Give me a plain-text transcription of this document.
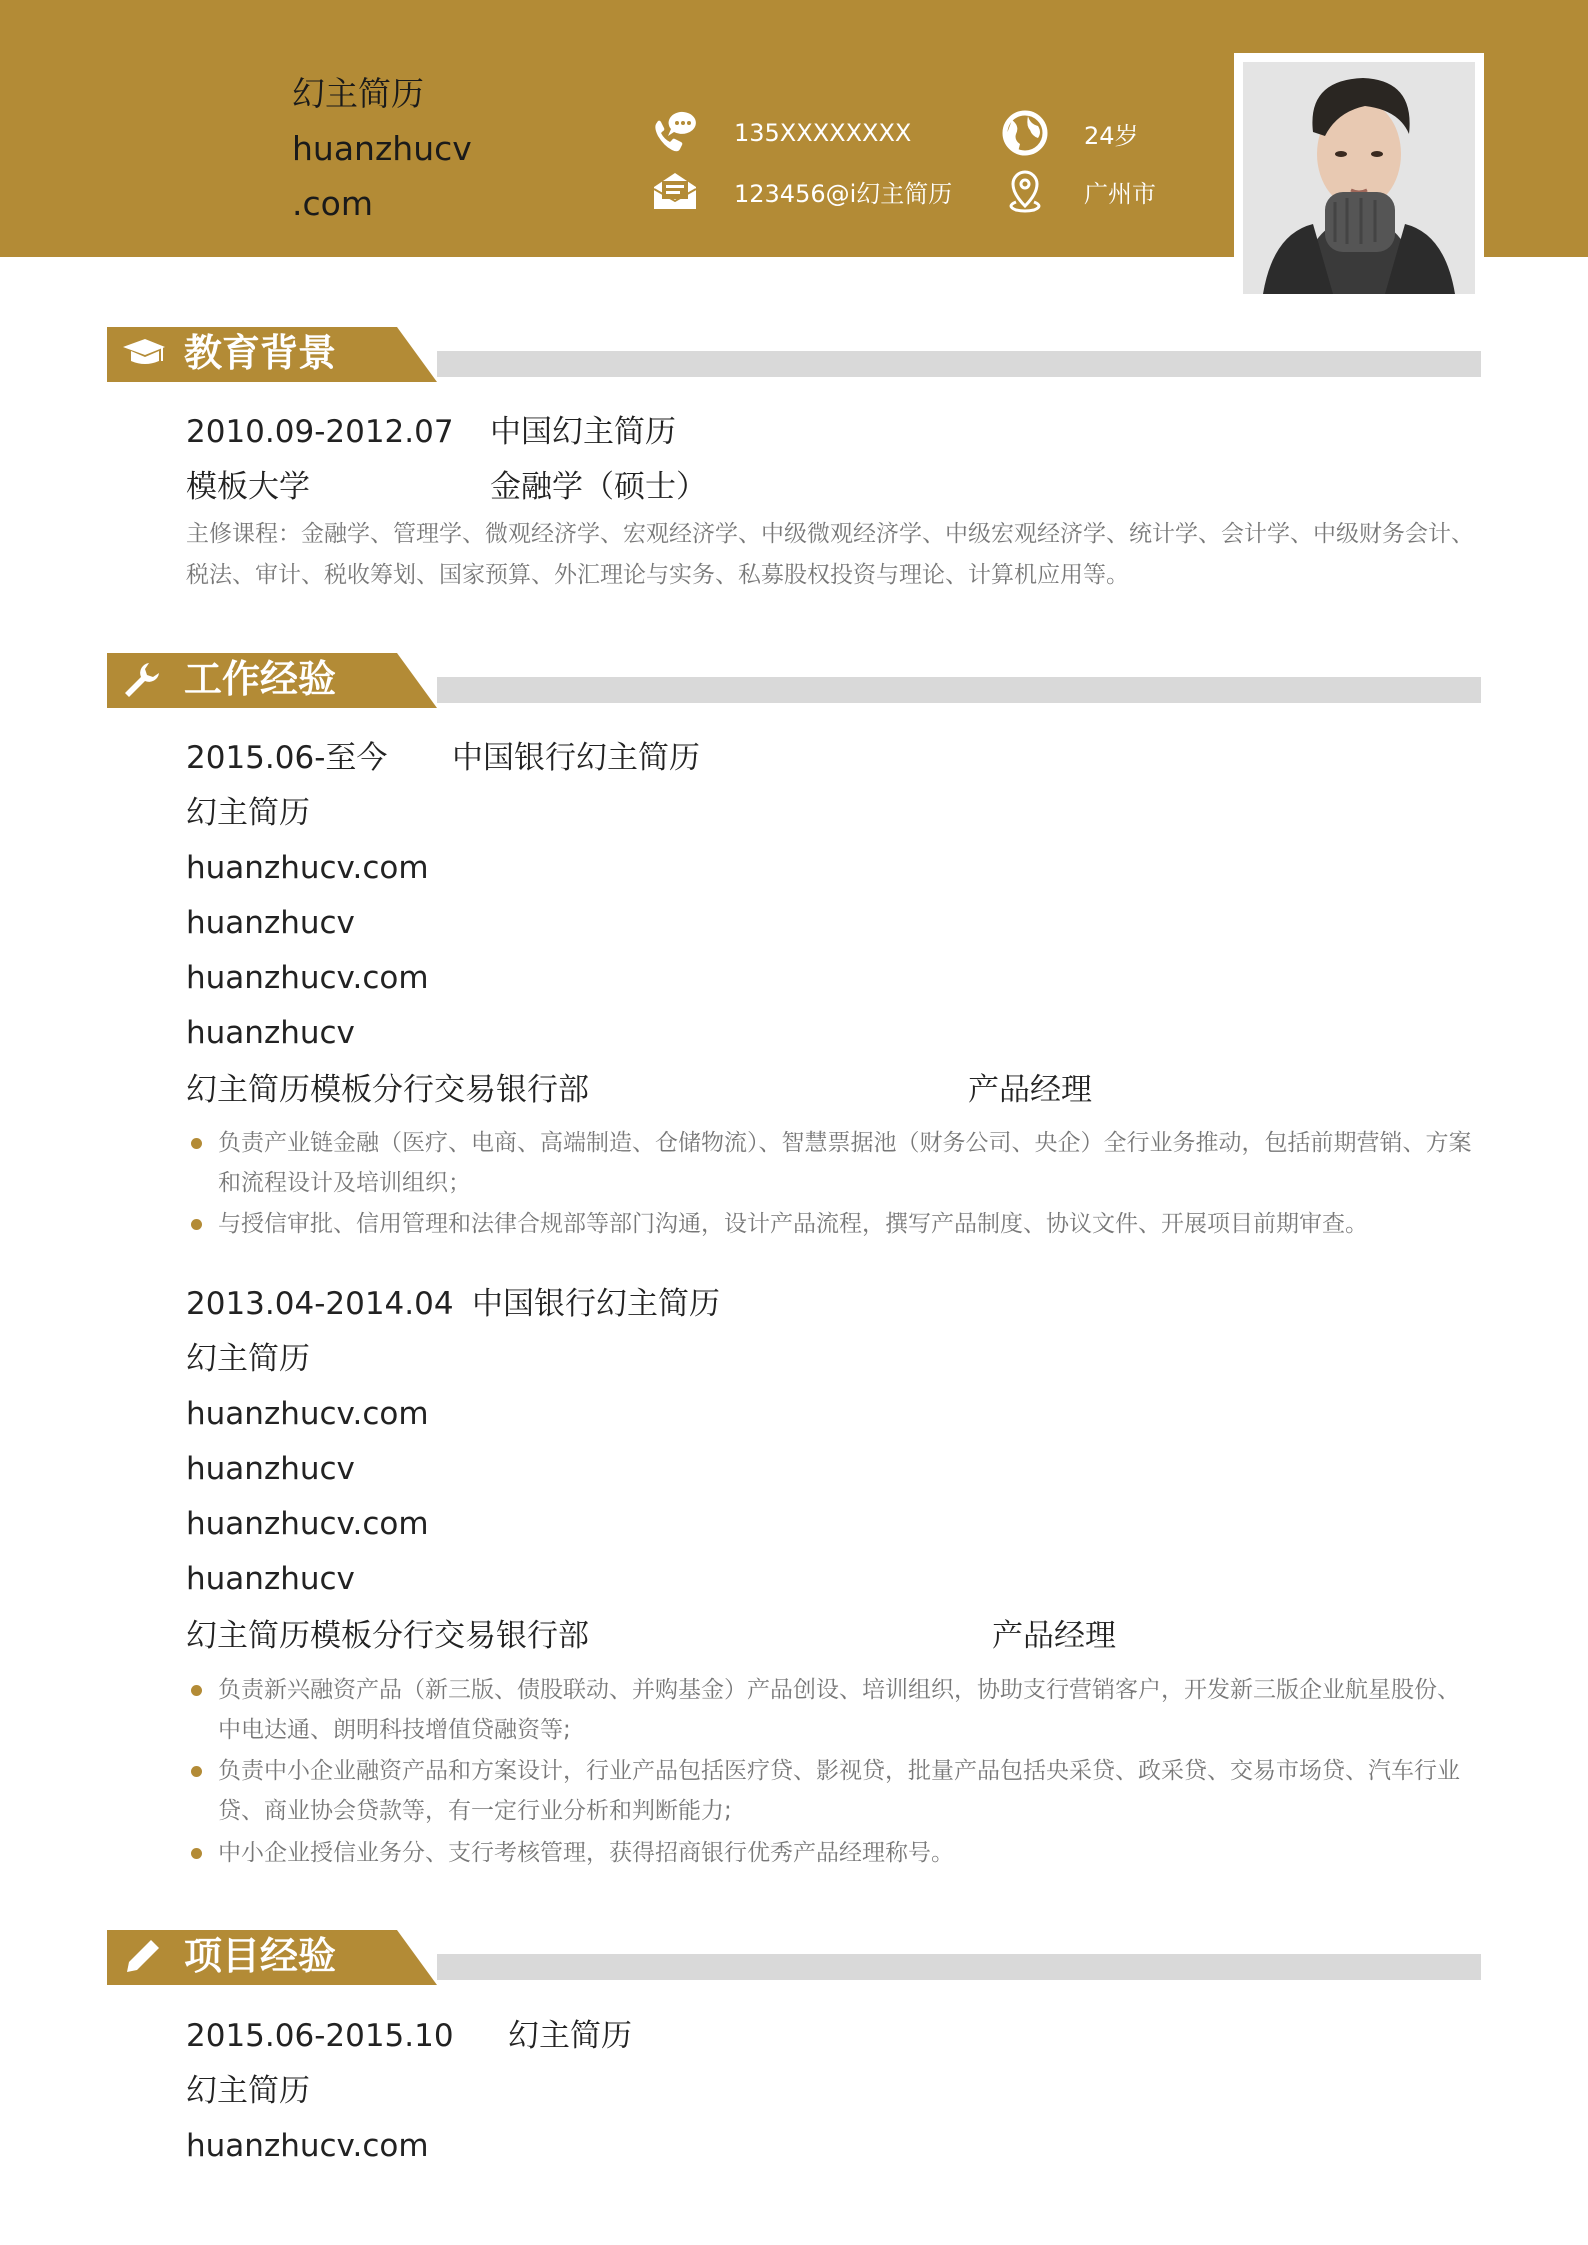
幻主简历
huanzhucv
.com
135XXXXXXXX	24岁
123456@i幻主简历	广州市
教育背景
2010.09-2012.07 中国幻主简历
模板大学	金融学（硕士）
主修课程：金融学、管理学、微观经济学、宏观经济学、中级微观经济学、中级宏观经济学、统计学、会计学、中级财务会计、税法、审计、税收筹划、国家预算、外汇理论与实务、私募股权投资与理论、计算机应用等。
工作经验
2015.06-至今 中国银行幻主简历
幻主简历
huanzhucv.com
huanzhucv
huanzhucv.com
huanzhucv
幻主简历模板分行交易银行部	产品经理
负责产业链金融（医疗、电商、高端制造、仓储物流）、智慧票据池（财务公司、央企）全行业务推动，包括前期营销、方案和流程设计及培训组织；
与授信审批、信用管理和法律合规部等部门沟通，设计产品流程，撰写产品制度、协议文件、开展项目前期审查。
2013.04-2014.04 中国银行幻主简历
幻主简历
huanzhucv.com
huanzhucv
huanzhucv.com
huanzhucv
幻主简历模板分行交易银行部	产品经理
负责新兴融资产品（新三版、债股联动、并购基金）产品创设、培训组织，协助支行营销客户，开发新三版企业航星股份、中电达通、朗明科技增值贷融资等;
负责中小企业融资产品和方案设计，行业产品包括医疗贷、影视贷，批量产品包括央采贷、政采贷、交易市场贷、汽车行业贷、商业协会贷款等，有一定行业分析和判断能力;
中小企业授信业务分、支行考核管理，获得招商银行优秀产品经理称号。
项目经验
2015.06-2015.10 幻主简历
幻主简历
huanzhucv.com
